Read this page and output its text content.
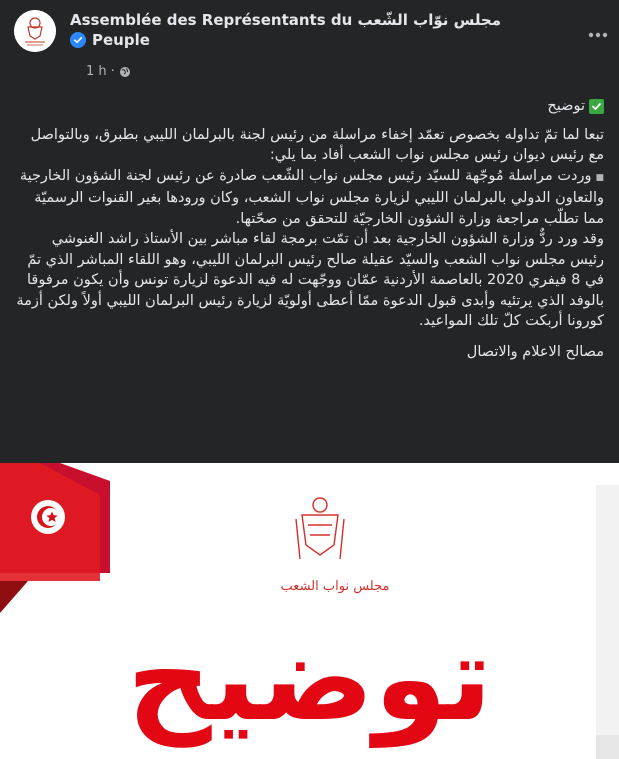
Assemblée des Représentants du مجلس نوّاب الشّعب
Peuple
1 h ·

توضيح

تبعا لما تمّ تداوله بخصوص تعمّد إخفاء مراسلة من رئيس لجنة بالبرلمان الليبي بطبرق، وبالتواصل مع رئيس ديوان رئيس مجلس نواب الشعب أفاد بما يلي:

■وردت مراسلة مُوجّهة للسيّد رئيس مجلس نواب الشّعب صادرة عن رئيس لجنة الشؤون الخارجية والتعاون الدولي بالبرلمان الليبي لزيارة مجلس نواب الشعب، وكان ورودها بغير القنوات الرسميّة مما تطلّب مراجعة وزارة الشؤون الخارجيّة للتحقق من صحّتها.

وقد ورد ردٌّ وزارة الشؤون الخارجية بعد أن تمّت برمجة لقاء مباشر بين الأستاذ راشد الغنوشي رئيس مجلس نواب الشعب والسيّد عقيلة صالح رئيس البرلمان الليبي، وهو اللقاء المباشر الذي تمّ في 8 فيفري 2020 بالعاصمة الأردنية عمّان ووجّهت له فيه الدعوة لزيارة تونس وأن يكون مرفوقا بالوفد الذي يرتئيه وأبدى قبول الدعوة ممّا أعطى أولويّة لزيارة رئيس البرلمان الليبي أولاً ولكن أزمة كورونا أربكت كلّ تلك المواعيد.

مصالح الاعلام والاتصال

مجلس نواب الشعب
توضيح
